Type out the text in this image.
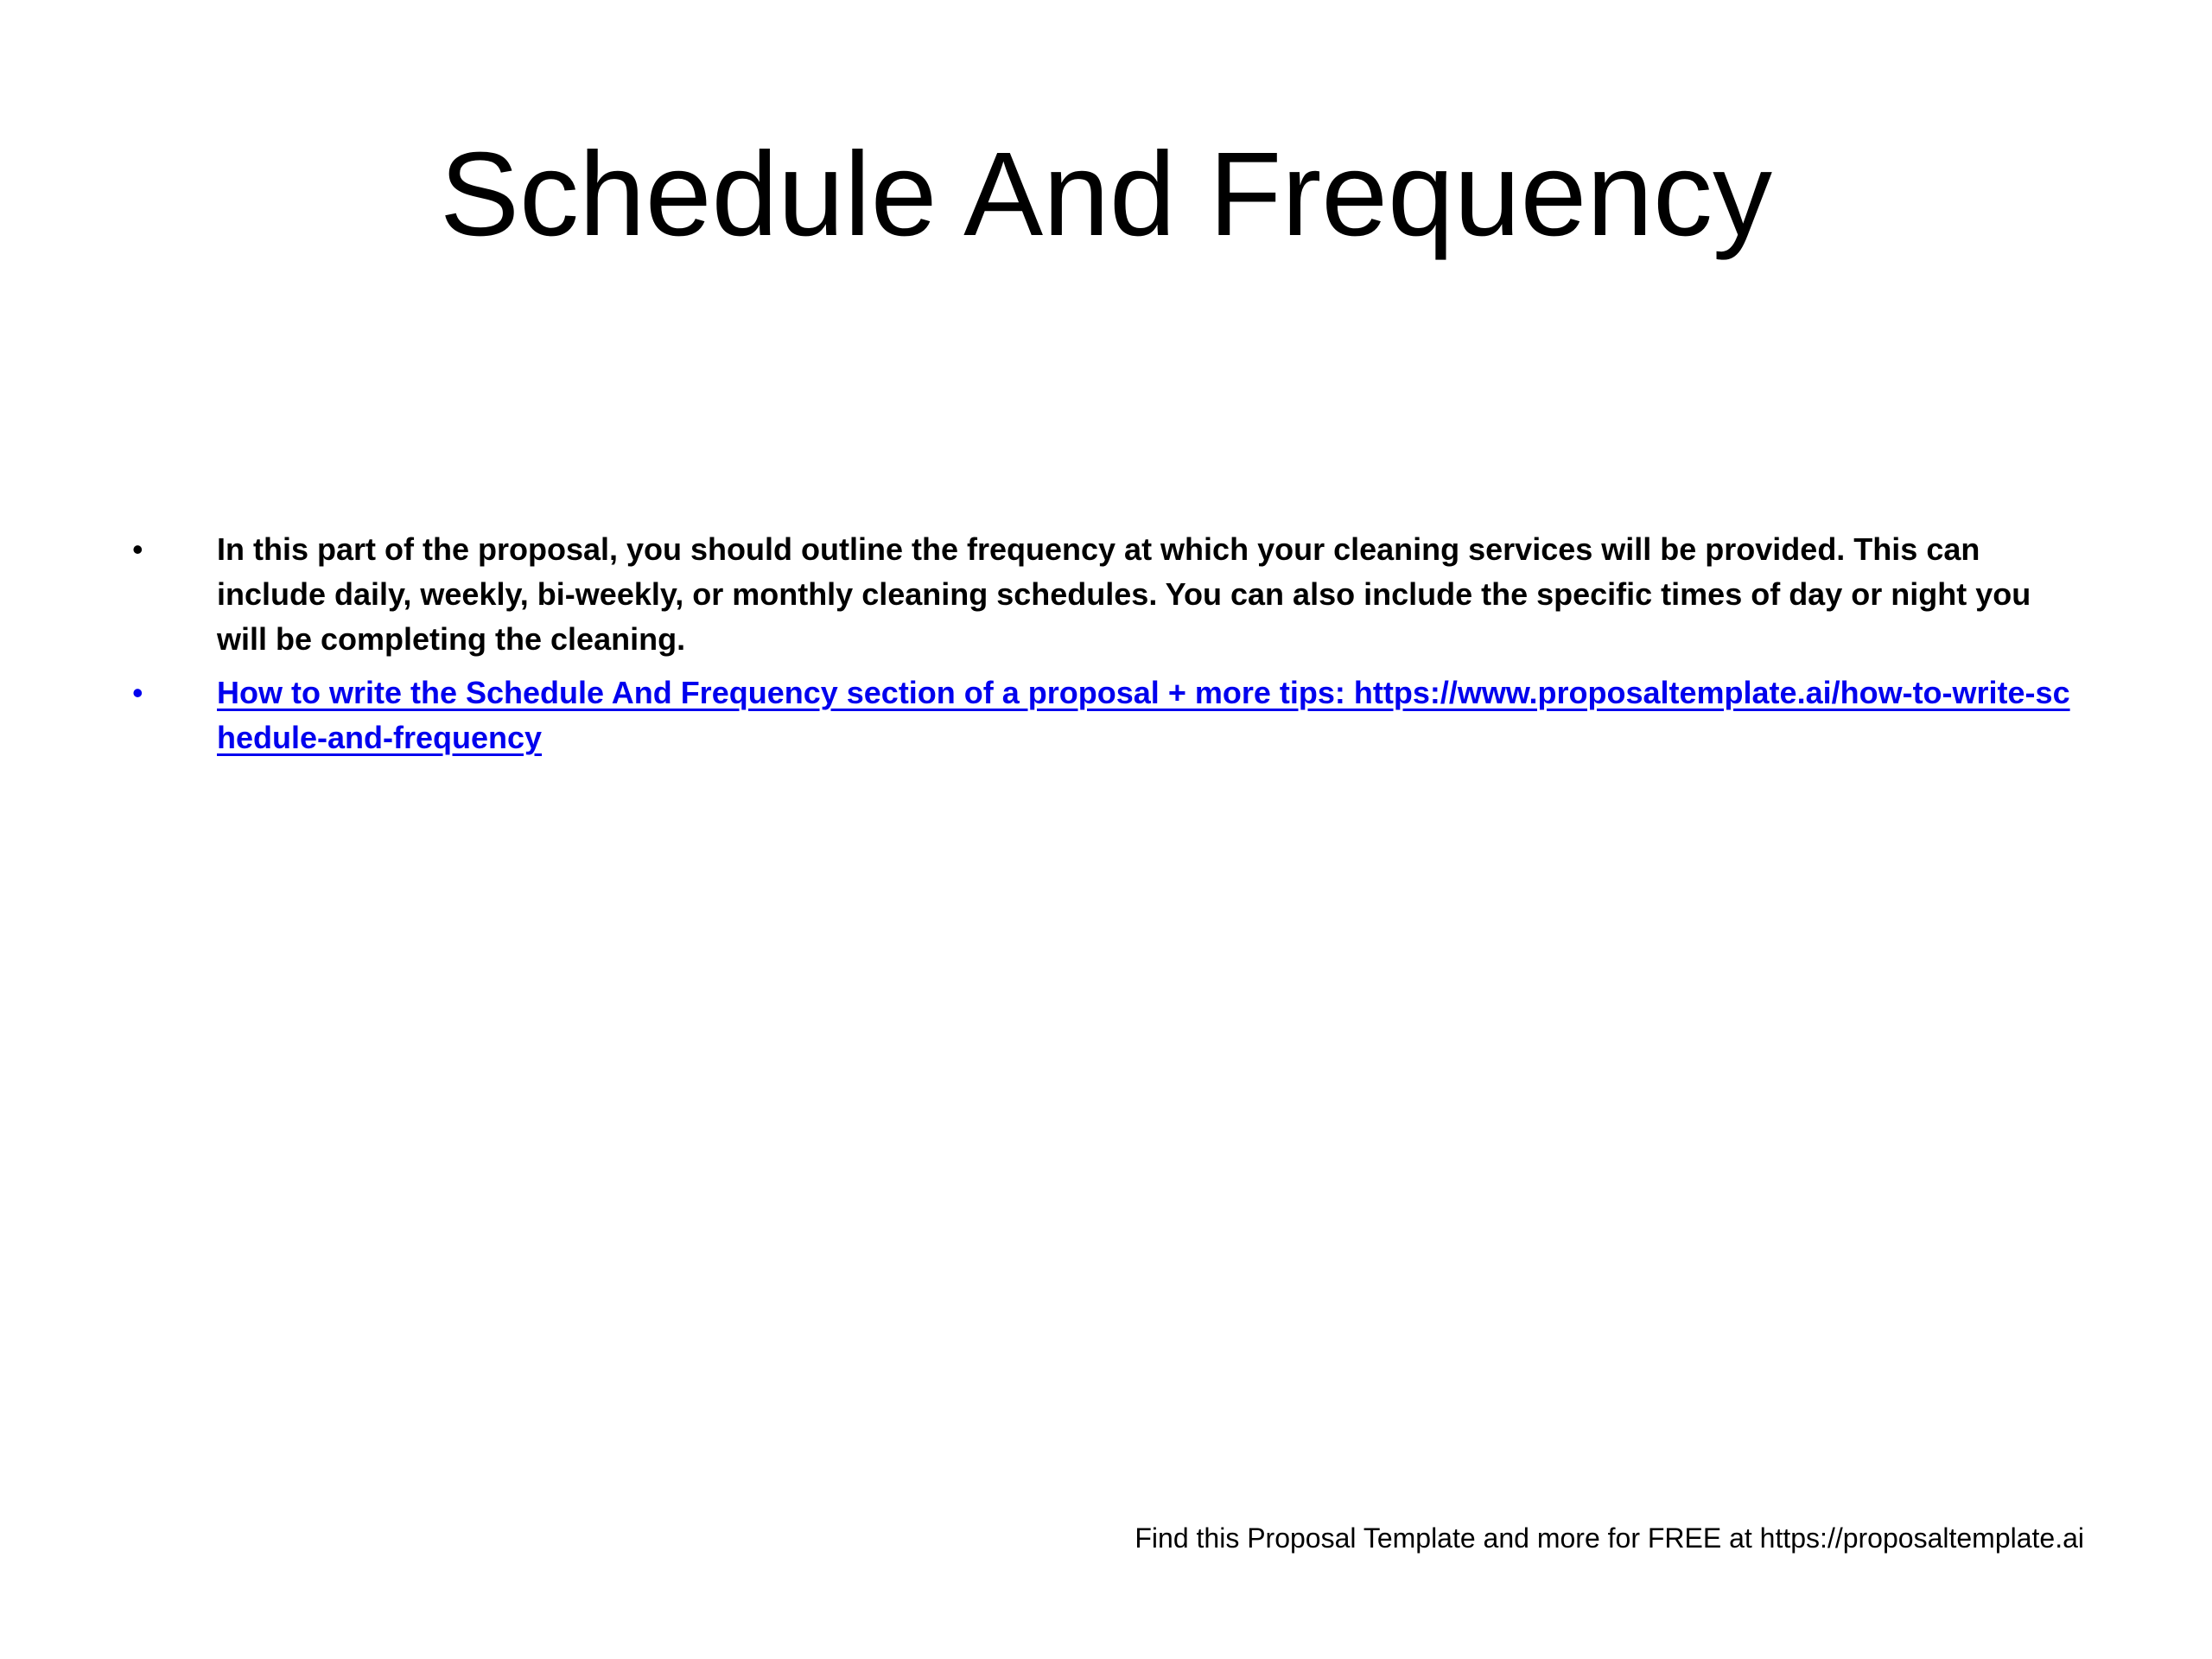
Schedule And Frequency
• In this part of the proposal, you should outline the frequency at which your cleaning services will be provided. This can include daily, weekly, bi-weekly, or monthly cleaning schedules. You can also include the specific times of day or night you will be completing the cleaning.
• How to write the Schedule And Frequency section of a proposal + more tips: https://www.proposaltemplate.ai/how-to-write-schedule-and-frequency
Find this Proposal Template and more for FREE at https://proposaltemplate.ai
